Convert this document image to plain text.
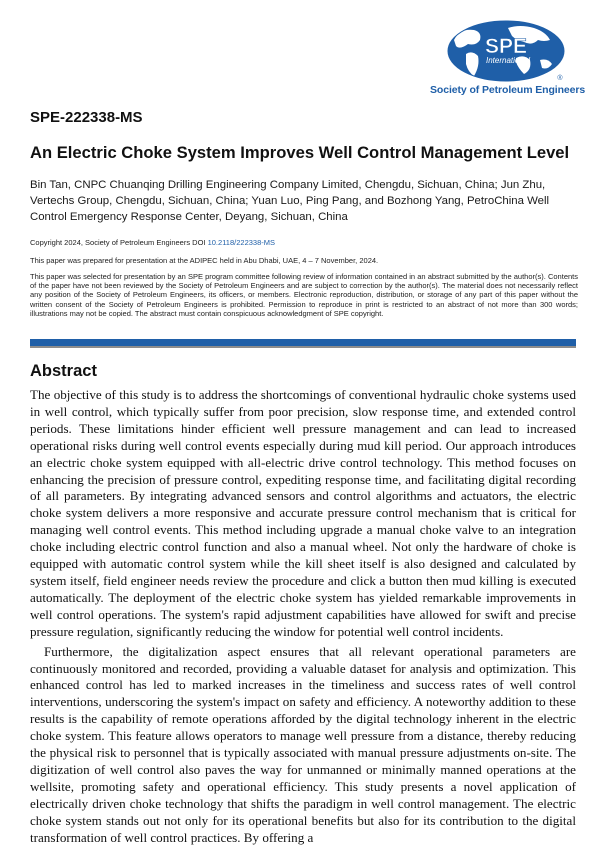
SPE
International
®
Society of Petroleum Engineers
SPE-222338-MS
An Electric Choke System Improves Well Control Management Level
Bin Tan, CNPC Chuanqing Drilling Engineering Company Limited, Chengdu, Sichuan, China; Jun Zhu, Vertechs Group, Chengdu, Sichuan, China; Yuan Luo, Ping Pang, and Bozhong Yang, PetroChina Well Control Emergency Response Center, Deyang, Sichuan, China
Copyright 2024, Society of Petroleum Engineers DOI 10.2118/222338-MS
This paper was prepared for presentation at the ADIPEC held in Abu Dhabi, UAE, 4 – 7 November, 2024.
This paper was selected for presentation by an SPE program committee following review of information contained in an abstract submitted by the author(s). Contents of the paper have not been reviewed by the Society of Petroleum Engineers and are subject to correction by the author(s). The material does not necessarily reflect any position of the Society of Petroleum Engineers, its officers, or members. Electronic reproduction, distribution, or storage of any part of this paper without the written consent of the Society of Petroleum Engineers is prohibited. Permission to reproduce in print is restricted to an abstract of not more than 300 words; illustrations may not be copied. The abstract must contain conspicuous acknowledgment of SPE copyright.
Abstract

The objective of this study is to address the shortcomings of conventional hydraulic choke systems used in well control, which typically suffer from poor precision, slow response time, and extended control periods. These limitations hinder efficient well pressure management and can lead to increased operational risks during well control events especially during mud kill period. Our approach introduces an electric choke system equipped with all-electric drive control technology. This method focuses on enhancing the precision of pressure control, expediting response time, and facilitating digital recording of all parameters. By integrating advanced sensors and control algorithms and actuators, the electric choke system delivers a more responsive and accurate pressure control mechanism that is critical for managing well control events. This method including upgrade a manual choke valve to an integration choke including electric control function and also a manual wheel. Not only the hardware of choke is equipped with automatic control system while the kill sheet itself is also designed and calculated by system itself, field engineer needs review the procedure and click a button then mud killing is executed automatically. The deployment of the electric choke system has yielded remarkable improvements in well control operations. The system's rapid adjustment capabilities have allowed for swift and precise pressure regulation, significantly reducing the window for potential well control incidents.

Furthermore, the digitalization aspect ensures that all relevant operational parameters are continuously monitored and recorded, providing a valuable dataset for analysis and optimization. This enhanced control has led to marked increases in the timeliness and success rates of well control interventions, underscoring the system's impact on safety and efficiency. A noteworthy addition to these results is the capability of remote operations afforded by the digital technology inherent in the electric choke system. This feature allows operators to manage well pressure from a distance, thereby reducing the physical risk to personnel that is typically associated with manual pressure adjustments on-site. The digitization of well control also paves the way for unmanned or minimally manned operations at the wellsite, promoting safety and operational efficiency. This study presents a novel application of electrically driven choke technology that shifts the paradigm in well control management. The electric choke system stands out not only for its operational benefits but also for its contribution to the digital transformation of well control practices. By offering a
